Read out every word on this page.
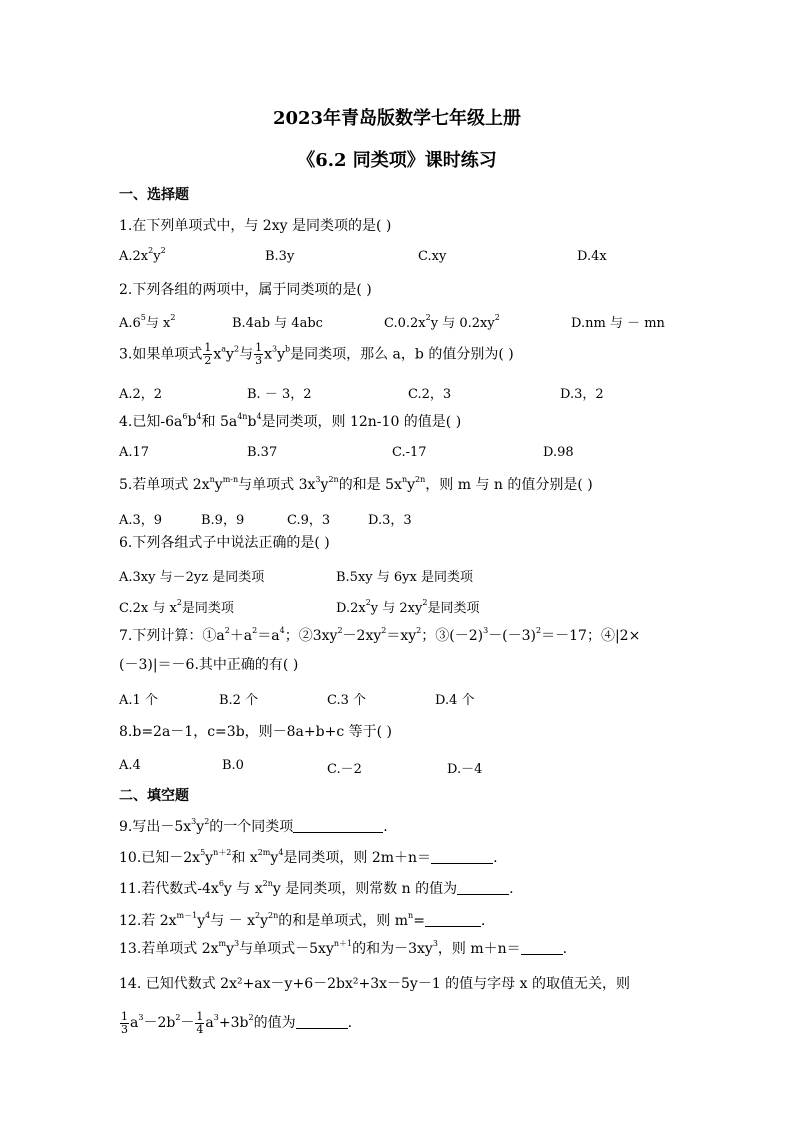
2023年青岛版数学七年级上册
《6.2 同类项》课时练习
一、选择题
1.在下列单项式中，与 2xy 是同类项的是( )
$A.2x^2y^2$	B.3y	C.xy	D.4x
2.下列各组的两项中，属于同类项的是( )
$A.6^5$与 $x^2$	B.4ab 与 4abc	$C.0.2x^2y$ 与 $0.2xy^2$	D.nm 与 － mn
3.如果单项式 $\frac{1}{2} x^ay^2$与 $\frac{1}{3} x^3y^b$是同类项，那么 a，b 的值分别为( )
A.2，2	B. － 3，2	C.2，3	D.3，2
4.已知$-6a^6b^4$和 $5a^{4n}b^4$是同类项，则 12n-10 的值是( )
A.17	B.37	C.-17	D.98
5.若单项式 $2x^ny^{m-n}$与单项式 $3x^3y^{2n}$的和是 $5x^ny^{2n}$，则 m 与 n 的值分别是( )
A.3，9	B.9，9	C.9，3	D.3，3
6.下列各组式子中说法正确的是( )
A.3xy 与－2yz 是同类项	B.5xy 与 6yx 是同类项
C.2x 与 $x^2$是同类项	$D.2x^2y$ 与 $2xy^2$是同类项
7.下列计算：$①a^2+a^2=a^4$；$②3xy^2-2xy^2=xy^2$；$③(-2)^3-(-3)^2=-17$；④|2×
(－3)|＝－6.其中正确的有( )
A.1 个	B.2 个	C.3 个	D.4 个
8.b=2a－1，c=3b，则－8a+b+c 等于( )
A.4	B.0	C.－2	D.－4
二、填空题
9.写出$-5x^3y^2$的一个同类项	.
10.已知$-2x^5y^{n+2}$和 $x^{2m}y^4$是同类项，则 2m＋n＝	.
11.若代数式$-4x^6y$ 与 $x^{2n}y$ 是同类项，则常数 n 的值为	.
12.若 $2x^{m-1}y^4$与 － $x^2y^{2n}$的和是单项式，则 $m^n=$	.
13.若单项式 $2x^my^3$与单项式$-5xy^{n+1}$的和为$-3xy^3$，则 m＋n＝	.
14. 已知代数式 2x²+ax－y+6－2bx²+3x－5y－1 的值与字母 x 的取值无关，则
$\frac{1}{3} a^3-2b^2- \frac{1}{4} a^3+3b^2$的值为	.
